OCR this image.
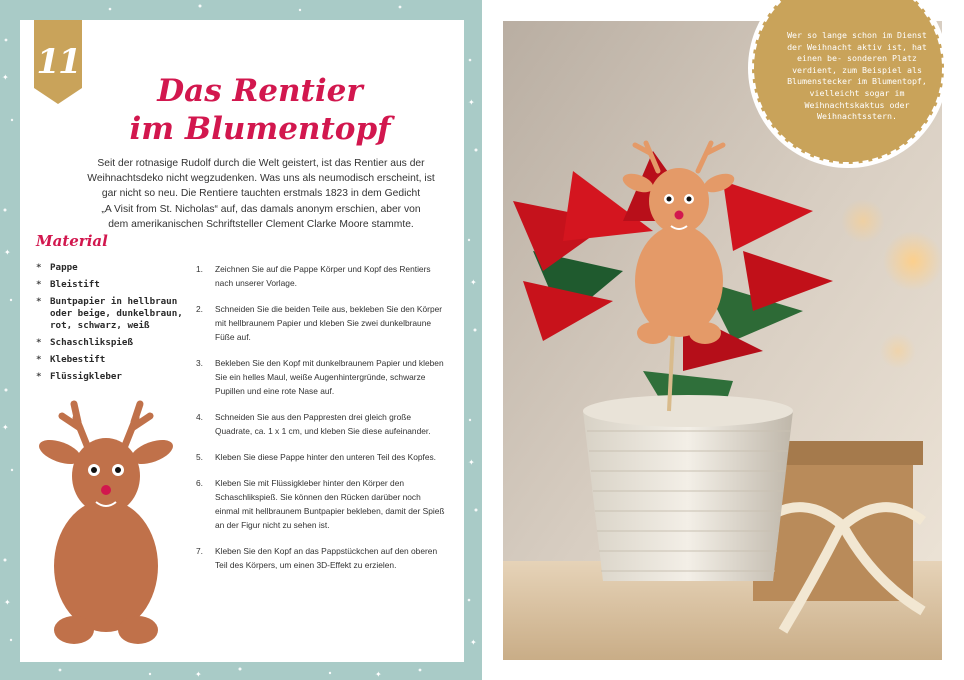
✦
✦
✦
✦
✦
✦
✦
✦
✦	✦
11
Das Rentier
im Blumentopf

Seit der rotnasige Rudolf durch die Welt geistert, ist das Rentier aus der
Weihnachtsdeko nicht wegzudenken. Was uns als neumodisch erscheint, ist
gar nicht so neu. Die Rentiere tauchten erstmals 1823 in dem Gedicht
„A Visit from St. Nicholas“ auf, das damals anonym erschien, aber von
dem amerikanischen Schriftsteller Clement Clarke Moore stammte.

Material
* Pappe
* Bleistift
* Buntpapier in hellbraun oder beige, dunkelbraun, rot, schwarz, weiß
* Schaschlikspieß
* Klebestift
* Flüssigkleber
1. Zeichnen Sie auf die Pappe Körper und Kopf des Rentiers nach unserer Vorlage.
2. Schneiden Sie die beiden Teile aus, bekleben Sie den Körper mit hellbraunem Papier und kleben Sie zwei dunkelbraune Füße auf.
3. Bekleben Sie den Kopf mit dunkelbraunem Papier und kleben Sie ein helles Maul, weiße Augenhintergründe, schwarze Pupillen und eine rote Nase auf.
4. Schneiden Sie aus den Pappresten drei gleich große Quadrate, ca. 1 x 1 cm, und kleben Sie diese aufeinander.
5. Kleben Sie diese Pappe hinter den unteren Teil des Kopfes.
6. Kleben Sie mit Flüssigkleber hinter den Körper den Schaschlikspieß. Sie können den Rücken darüber noch einmal mit hellbraunem Buntpapier bekleben, damit der Spieß an der Figur nicht zu sehen ist.
7. Kleben Sie den Kopf an das Pappstückchen auf den oberen Teil des Körpers, um einen 3D-Effekt zu erzielen.

Wer so lange schon im Dienst der Weihnacht aktiv ist, hat einen be- sonderen Platz verdient, zum Beispiel als Blumenstecker im Blumentopf, vielleicht sogar im Weihnachtskaktus oder Weihnachtsstern.
